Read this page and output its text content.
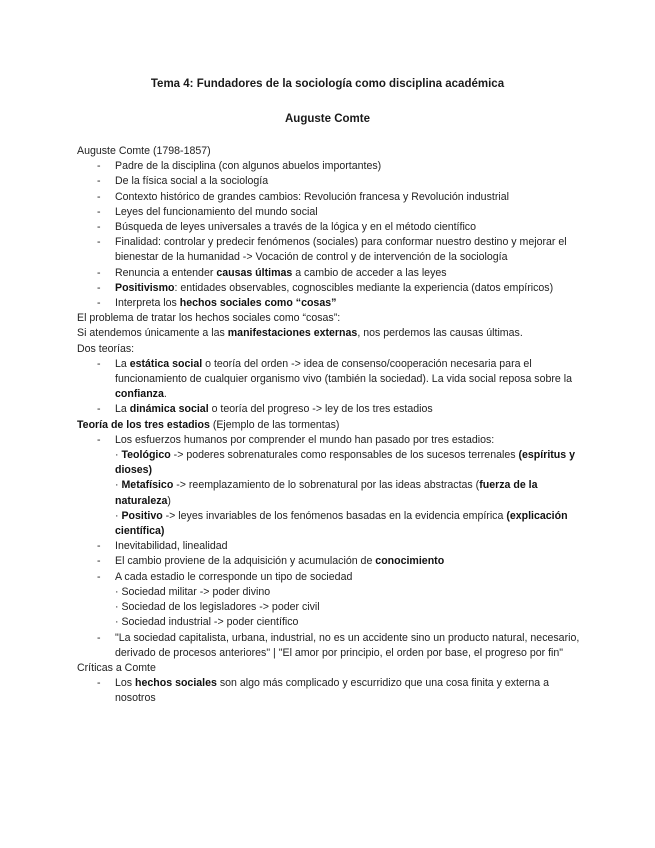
Tema 4: Fundadores de la sociología como disciplina académica
Auguste Comte

Auguste Comte (1798-1857)

- Padre de la disciplina (con algunos abuelos importantes)
- De la física social a la sociología
- Contexto histórico de grandes cambios: Revolución francesa y Revolución industrial
- Leyes del funcionamiento del mundo social
- Búsqueda de leyes universales a través de la lógica y en el método científico
- Finalidad: controlar y predecir fenómenos (sociales) para conformar nuestro destino y mejorar el bienestar de la humanidad -> Vocación de control y de intervención de la sociología
- Renuncia a entender causas últimas a cambio de acceder a las leyes
- Positivismo: entidades observables, cognoscibles mediante la experiencia (datos empíricos)
- Interpreta los hechos sociales como “cosas”

El problema de tratar los hechos sociales como “cosas”:

Si atendemos únicamente a las manifestaciones externas, nos perdemos las causas últimas.

Dos teorías:

- La estática social o teoría del orden -> idea de consenso/cooperación necesaria para el funcionamiento de cualquier organismo vivo (también la sociedad). La vida social reposa sobre la confianza.
- La dinámica social o teoría del progreso -> ley de los tres estadios

Teoría de los tres estadios (Ejemplo de las tormentas)

- Los esfuerzos humanos por comprender el mundo han pasado por tres estadios:
· Teológico -> poderes sobrenaturales como responsables de los sucesos terrenales (espíritus y dioses)
· Metafísico -> reemplazamiento de lo sobrenatural por las ideas abstractas (fuerza de la naturaleza)
· Positivo -> leyes invariables de los fenómenos basadas en la evidencia empírica (explicación científica)
- Inevitabilidad, linealidad
- El cambio proviene de la adquisición y acumulación de conocimiento
- A cada estadio le corresponde un tipo de sociedad
· Sociedad militar -> poder divino
· Sociedad de los legisladores -> poder civil
· Sociedad industrial -> poder científico
- "La sociedad capitalista, urbana, industrial, no es un accidente sino un producto natural, necesario, derivado de procesos anteriores" | "El amor por principio, el orden por base, el progreso por fin"

Críticas a Comte

- Los hechos sociales son algo más complicado y escurridizo que una cosa finita y externa a nosotros
